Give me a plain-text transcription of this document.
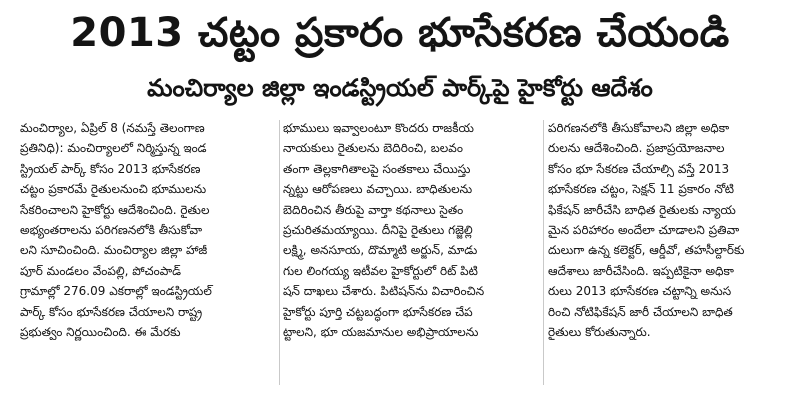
2013 చట్టం ప్రకారం భూసేకరణ చేయండి
మంచిర్యాల జిల్లా ఇండస్ట్రియల్ పార్క్‌పై హైకోర్టు ఆదేశం
మంచిర్యాల, ఏప్రిల్ 8 (నమస్తే తెలంగాణ
ప్రతినిధి): మంచిర్యాలలో నిర్మిస్తున్న ఇండ
స్ట్రియల్ పార్క్ కోసం 2013 భూసేకరణ
చట్టం ప్రకారమే రైతులనుంచి భూములను
సేకరించాలని హైకోర్టు ఆదేశించింది. రైతుల
అభ్యంతరాలను పరిగణనలోకి తీసుకోవా
లని సూచించింది. మంచిర్యాల జిల్లా హాజీ
పూర్ మండలం వేంపల్లి, పోచంపాడ్
గ్రామాల్లో 276.09 ఎకరాల్లో ఇండస్ట్రియల్
పార్క్ కోసం భూసేకరణ చేయాలని రాష్ట్ర
ప్రభుత్వం నిర్ణయించింది. ఈ మేరకు
భూములు ఇవ్వాలంటూ కొందరు రాజకీయ
నాయకులు రైతులను బెదిరించి, బలవం
తంగా తెల్లకాగితాలపై సంతకాలు చేయిస్తు
న్నట్టు ఆరోపణలు వచ్చాయి. బాధితులను
బెదిరించిన తీరుపై వార్తా కథనాలు సైతం
ప్రచురితమయ్యాయి. దీనిపై రైతులు గజ్జెల్లి
లక్ష్మి, అనసూయ, దొమ్మాటి అర్జున్, మాడు
గుల లింగయ్య ఇటీవల హైకోర్టులో రిట్ పిటి
షన్ దాఖలు చేశారు. పిటిషన్‌ను విచారించిన
హైకోర్టు పూర్తి చట్టబద్ధంగా భూసేకరణ చేప
ట్టాలని, భూ యజమానుల అభిప్రాయాలను
పరిగణనలోకి తీసుకోవాలని జిల్లా అధికా
రులను ఆదేశించింది. ప్రజాప్రయోజనాల
కోసం భూ సేకరణ చేయాల్సి వస్తే 2013
భూసేకరణ చట్టం, సెక్షన్ 11 ప్రకారం నోటి
ఫికేషన్ జారీచేసి బాధిత రైతులకు న్యాయ
మైన పరిహారం అందేలా చూడాలని ప్రతివా
దులుగా ఉన్న కలెక్టర్, ఆర్డీవో, తహసీల్దార్‌కు
ఆదేశాలు జారీచేసింది. ఇప్పటికైనా అధికా
రులు 2013 భూసేకరణ చట్టాన్ని అనుస
రించి నోటిఫికేషన్ జారీ చేయాలని బాధిత
రైతులు కోరుతున్నారు.
